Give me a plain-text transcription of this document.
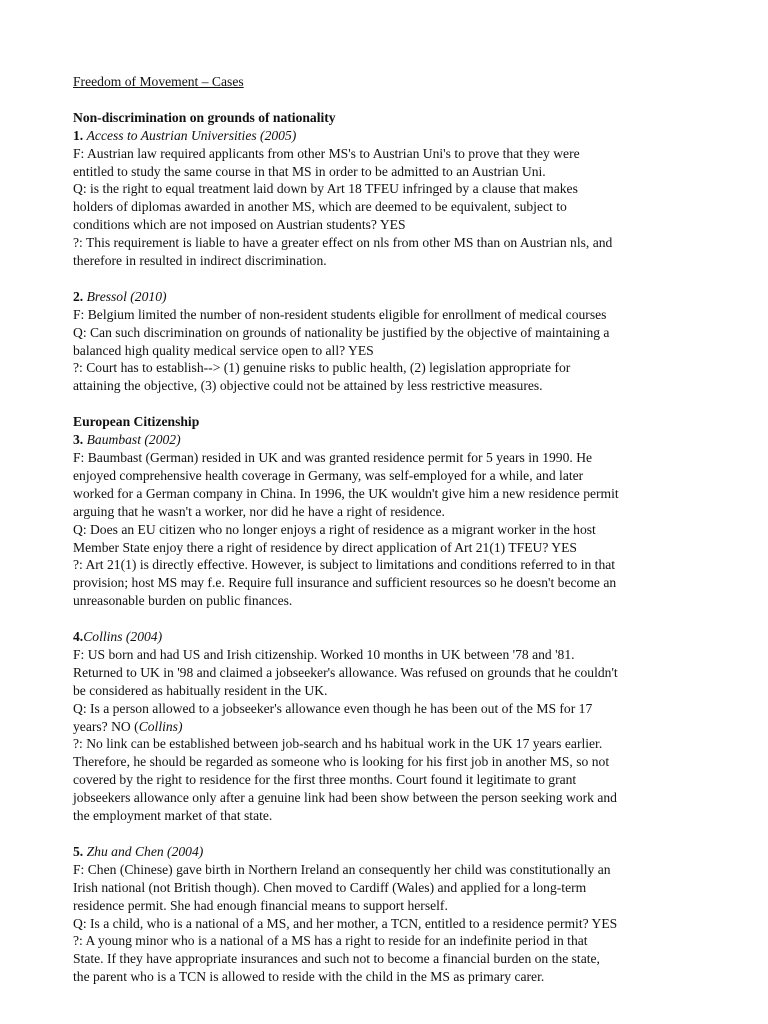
Freedom of Movement – Cases

Non-discrimination on grounds of nationality

1. Access to Austrian Universities (2005)

F: Austrian law required applicants from other MS's to Austrian Uni's to prove that they were

entitled to study the same course in that MS in order to be admitted to an Austrian Uni.

Q: is the right to equal treatment laid down by Art 18 TFEU infringed by a clause that makes

holders of diplomas awarded in another MS, which are deemed to be equivalent, subject to

conditions which are not imposed on Austrian students? YES

?: This requirement is liable to have a greater effect on nls from other MS than on Austrian nls, and

therefore in resulted in indirect discrimination.

2. Bressol (2010)

F: Belgium limited the number of non-resident students eligible for enrollment of medical courses

Q: Can such discrimination on grounds of nationality be justified by the objective of maintaining a

balanced high quality medical service open to all? YES

?: Court has to establish--> (1) genuine risks to public health, (2) legislation appropriate for

attaining the objective, (3) objective could not be attained by less restrictive measures.

European Citizenship

3. Baumbast (2002)

F: Baumbast (German) resided in UK and was granted residence permit for 5 years in 1990. He

enjoyed comprehensive health coverage in Germany, was self-employed for a while, and later

worked for a German company in China. In 1996, the UK wouldn't give him a new residence permit

arguing that he wasn't a worker, nor did he have a right of residence.

Q: Does an EU citizen who no longer enjoys a right of residence as a migrant worker in the host

Member State enjoy there a right of residence by direct application of Art 21(1) TFEU? YES

?: Art 21(1) is directly effective. However, is subject to limitations and conditions referred to in that

provision; host MS may f.e. Require full insurance and sufficient resources so he doesn't become an

unreasonable burden on public finances.

4.Collins (2004)

F: US born and had US and Irish citizenship. Worked 10 months in UK between '78 and '81.

Returned to UK in '98 and claimed a jobseeker's allowance. Was refused on grounds that he couldn't

be considered as habitually resident in the UK.

Q: Is a person allowed to a jobseeker's allowance even though he has been out of the MS for 17

years? NO (Collins)

?: No link can be established between job-search and hs habitual work in the UK 17 years earlier.

Therefore, he should be regarded as someone who is looking for his first job in another MS, so not

covered by the right to residence for the first three months. Court found it legitimate to grant

jobseekers allowance only after a genuine link had been show between the person seeking work and

the employment market of that state.

5. Zhu and Chen (2004)

F: Chen (Chinese) gave birth in Northern Ireland an consequently her child was constitutionally an

Irish national (not British though). Chen moved to Cardiff (Wales) and applied for a long-term

residence permit. She had enough financial means to support herself.

Q: Is a child, who is a national of a MS, and her mother, a TCN, entitled to a residence permit? YES

?: A young minor who is a national of a MS has a right to reside for an indefinite period in that

State. If they have appropriate insurances and such not to become a financial burden on the state,

the parent who is a TCN is allowed to reside with the child in the MS as primary carer.
